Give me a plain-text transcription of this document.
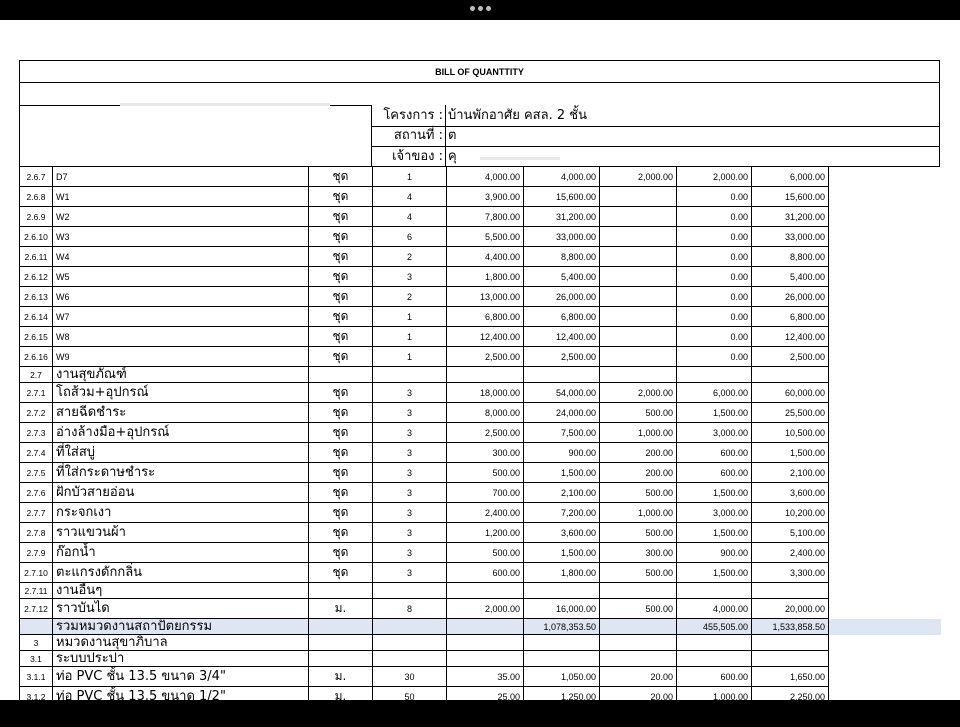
BILL OF QUANTTITY
โครงการ : บ้านพักอาศัย คสล. 2 ชั้น
สถานที่ : ต
เจ้าของ : คุ
2.6.7	D7	ชุด	1	4,000.00	4,000.00	2,000.00	2,000.00	6,000.00	
2.6.8	W1	ชุด	4	3,900.00	15,600.00		0.00	15,600.00	
2.6.9	W2	ชุด	4	7,800.00	31,200.00		0.00	31,200.00	
2.6.10	W3	ชุด	6	5,500.00	33,000.00		0.00	33,000.00	
2.6.11	W4	ชุด	2	4,400.00	8,800.00		0.00	8,800.00	
2.6.12	W5	ชุด	3	1,800.00	5,400.00		0.00	5,400.00	
2.6.13	W6	ชุด	2	13,000.00	26,000.00		0.00	26,000.00	
2.6.14	W7	ชุด	1	6,800.00	6,800.00		0.00	6,800.00	
2.6.15	W8	ชุด	1	12,400.00	12,400.00		0.00	12,400.00	
2.6.16	W9	ชุด	1	2,500.00	2,500.00		0.00	2,500.00	
2.7	งานสุขภัณฑ์								
2.7.1	โถส้วม+อุปกรณ์	ชุด	3	18,000.00	54,000.00	2,000.00	6,000.00	60,000.00	
2.7.2	สายฉีดชำระ	ชุด	3	8,000.00	24,000.00	500.00	1,500.00	25,500.00	
2.7.3	อ่างล้างมือ+อุปกรณ์	ชุด	3	2,500.00	7,500.00	1,000.00	3,000.00	10,500.00	
2.7.4	ที่ใส่สบู่	ชุด	3	300.00	900.00	200.00	600.00	1,500.00	
2.7.5	ที่ใส่กระดาษชำระ	ชุด	3	500.00	1,500.00	200.00	600.00	2,100.00	
2.7.6	ฝักบัวสายอ่อน	ชุด	3	700.00	2,100.00	500.00	1,500.00	3,600.00	
2.7.7	กระจกเงา	ชุด	3	2,400.00	7,200.00	1,000.00	3,000.00	10,200.00	
2.7.8	ราวแขวนผ้า	ชุด	3	1,200.00	3,600.00	500.00	1,500.00	5,100.00	
2.7.9	ก๊อกน้ำ	ชุด	3	500.00	1,500.00	300.00	900.00	2,400.00	
2.7.10	ตะแกรงดักกลิ่น	ชุด	3	600.00	1,800.00	500.00	1,500.00	3,300.00	
2.7.11	งานอื่นๆ								
2.7.12	ราวบันได	ม.	8	2,000.00	16,000.00	500.00	4,000.00	20,000.00	
	รวมหมวดงานสถาปัตยกรรม				1,078,353.50		455,505.00	1,533,858.50	
3	หมวดงานสุขาภิบาล								
3.1	ระบบประปา								
3.1.1	ท่อ PVC ชั้น 13.5 ขนาด 3/4"	ม.	30	35.00	1,050.00	20.00	600.00	1,650.00	
3.1.2	ท่อ PVC ชั้น 13.5 ขนาด 1/2"	ม.	50	25.00	1,250.00	20.00	1,000.00	2,250.00	
3.1.3	Gate Valve 3/4"	ชุด	4	500.00	2,000.00	250.00	1,000.00	3,000.00	
